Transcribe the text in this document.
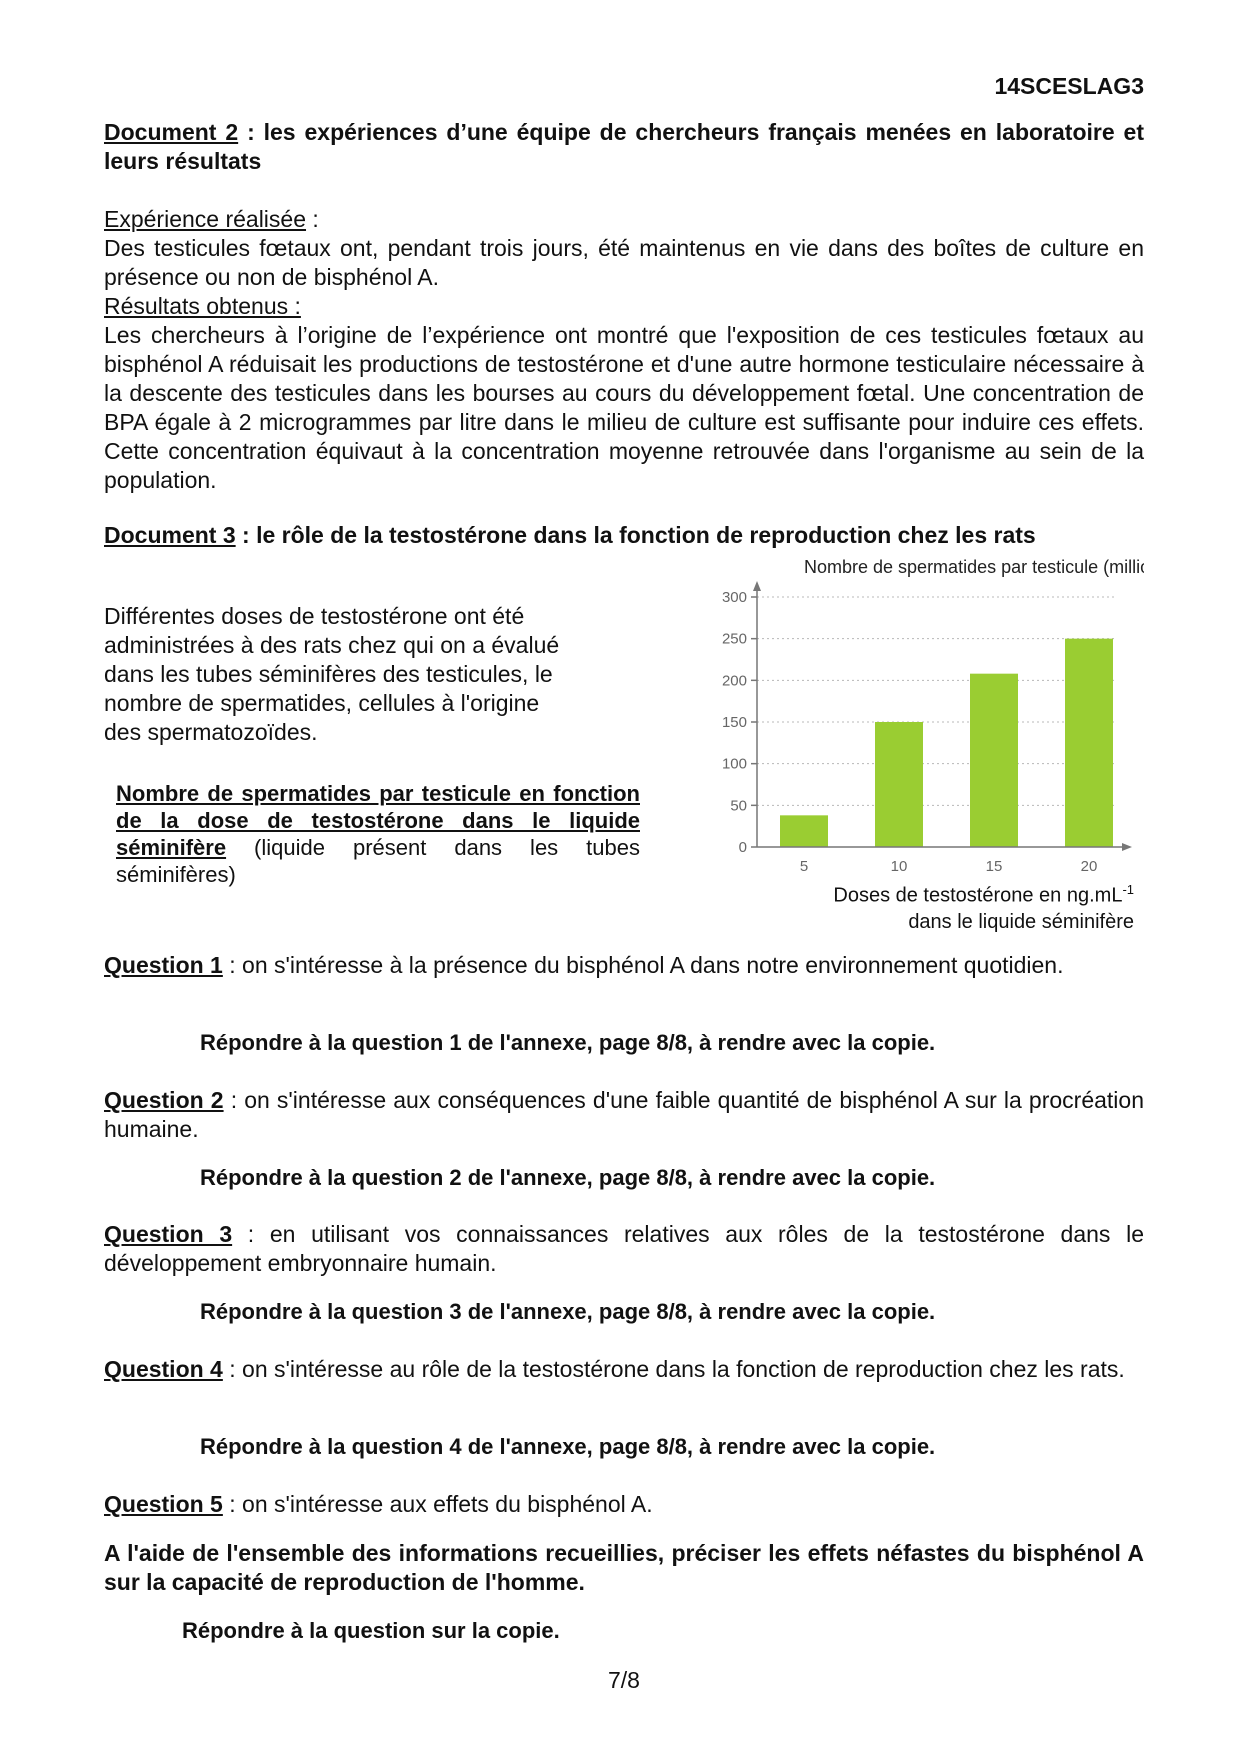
14SCESLAG3

Document 2 : les expériences d’une équipe de chercheurs français menées en laboratoire et leurs résultats

Expérience réalisée :

Des testicules fœtaux ont, pendant trois jours, été maintenus en vie dans des boîtes de culture en présence ou non de bisphénol A.

Résultats obtenus :

Les chercheurs à l’origine de l’expérience ont montré que l'exposition de ces testicules fœtaux au bisphénol A réduisait les productions de testostérone et d'une autre hormone testiculaire nécessaire à la descente des testicules dans les bourses au cours du développement fœtal. Une concentration de BPA égale à 2 microgrammes par litre dans le milieu de culture est suffisante pour induire ces effets. Cette concentration équivaut à la concentration moyenne retrouvée dans l'organisme au sein de la population.

Document 3 : le rôle de la testostérone dans la fonction de reproduction chez les rats

Différentes doses de testostérone ont été
administrées à des rats chez qui on a évalué
dans les tubes séminifères des testicules, le
nombre de spermatides, cellules à l'origine
des spermatozoïdes.

Nombre de spermatides par testicule en fonction de la dose de testostérone dans le liquide séminifère (liquide présent dans les tubes séminifères)

Nombre de spermatides par testicule (millions)
0
50
100
150
200
250
300
5	10	15	20
Doses de testostérone en $ng.mL^{-1}$
dans le liquide séminifère

Question 1 : on s'intéresse à la présence du bisphénol A dans notre environnement quotidien.

Répondre à la question 1 de l'annexe, page 8/8, à rendre avec la copie.

Question 2 : on s'intéresse aux conséquences d'une faible quantité de bisphénol A sur la procréation humaine.

Répondre à la question 2 de l'annexe, page 8/8, à rendre avec la copie.

Question 3 : en utilisant vos connaissances relatives aux rôles de la testostérone dans le développement embryonnaire humain.

Répondre à la question 3 de l'annexe, page 8/8, à rendre avec la copie.

Question 4 : on s'intéresse au rôle de la testostérone dans la fonction de reproduction chez les rats.

Répondre à la question 4 de l'annexe, page 8/8, à rendre avec la copie.

Question 5 : on s'intéresse aux effets du bisphénol A.

A l'aide de l'ensemble des informations recueillies, préciser les effets néfastes du bisphénol A sur la capacité de reproduction de l'homme.

Répondre à la question sur la copie.
7/8
